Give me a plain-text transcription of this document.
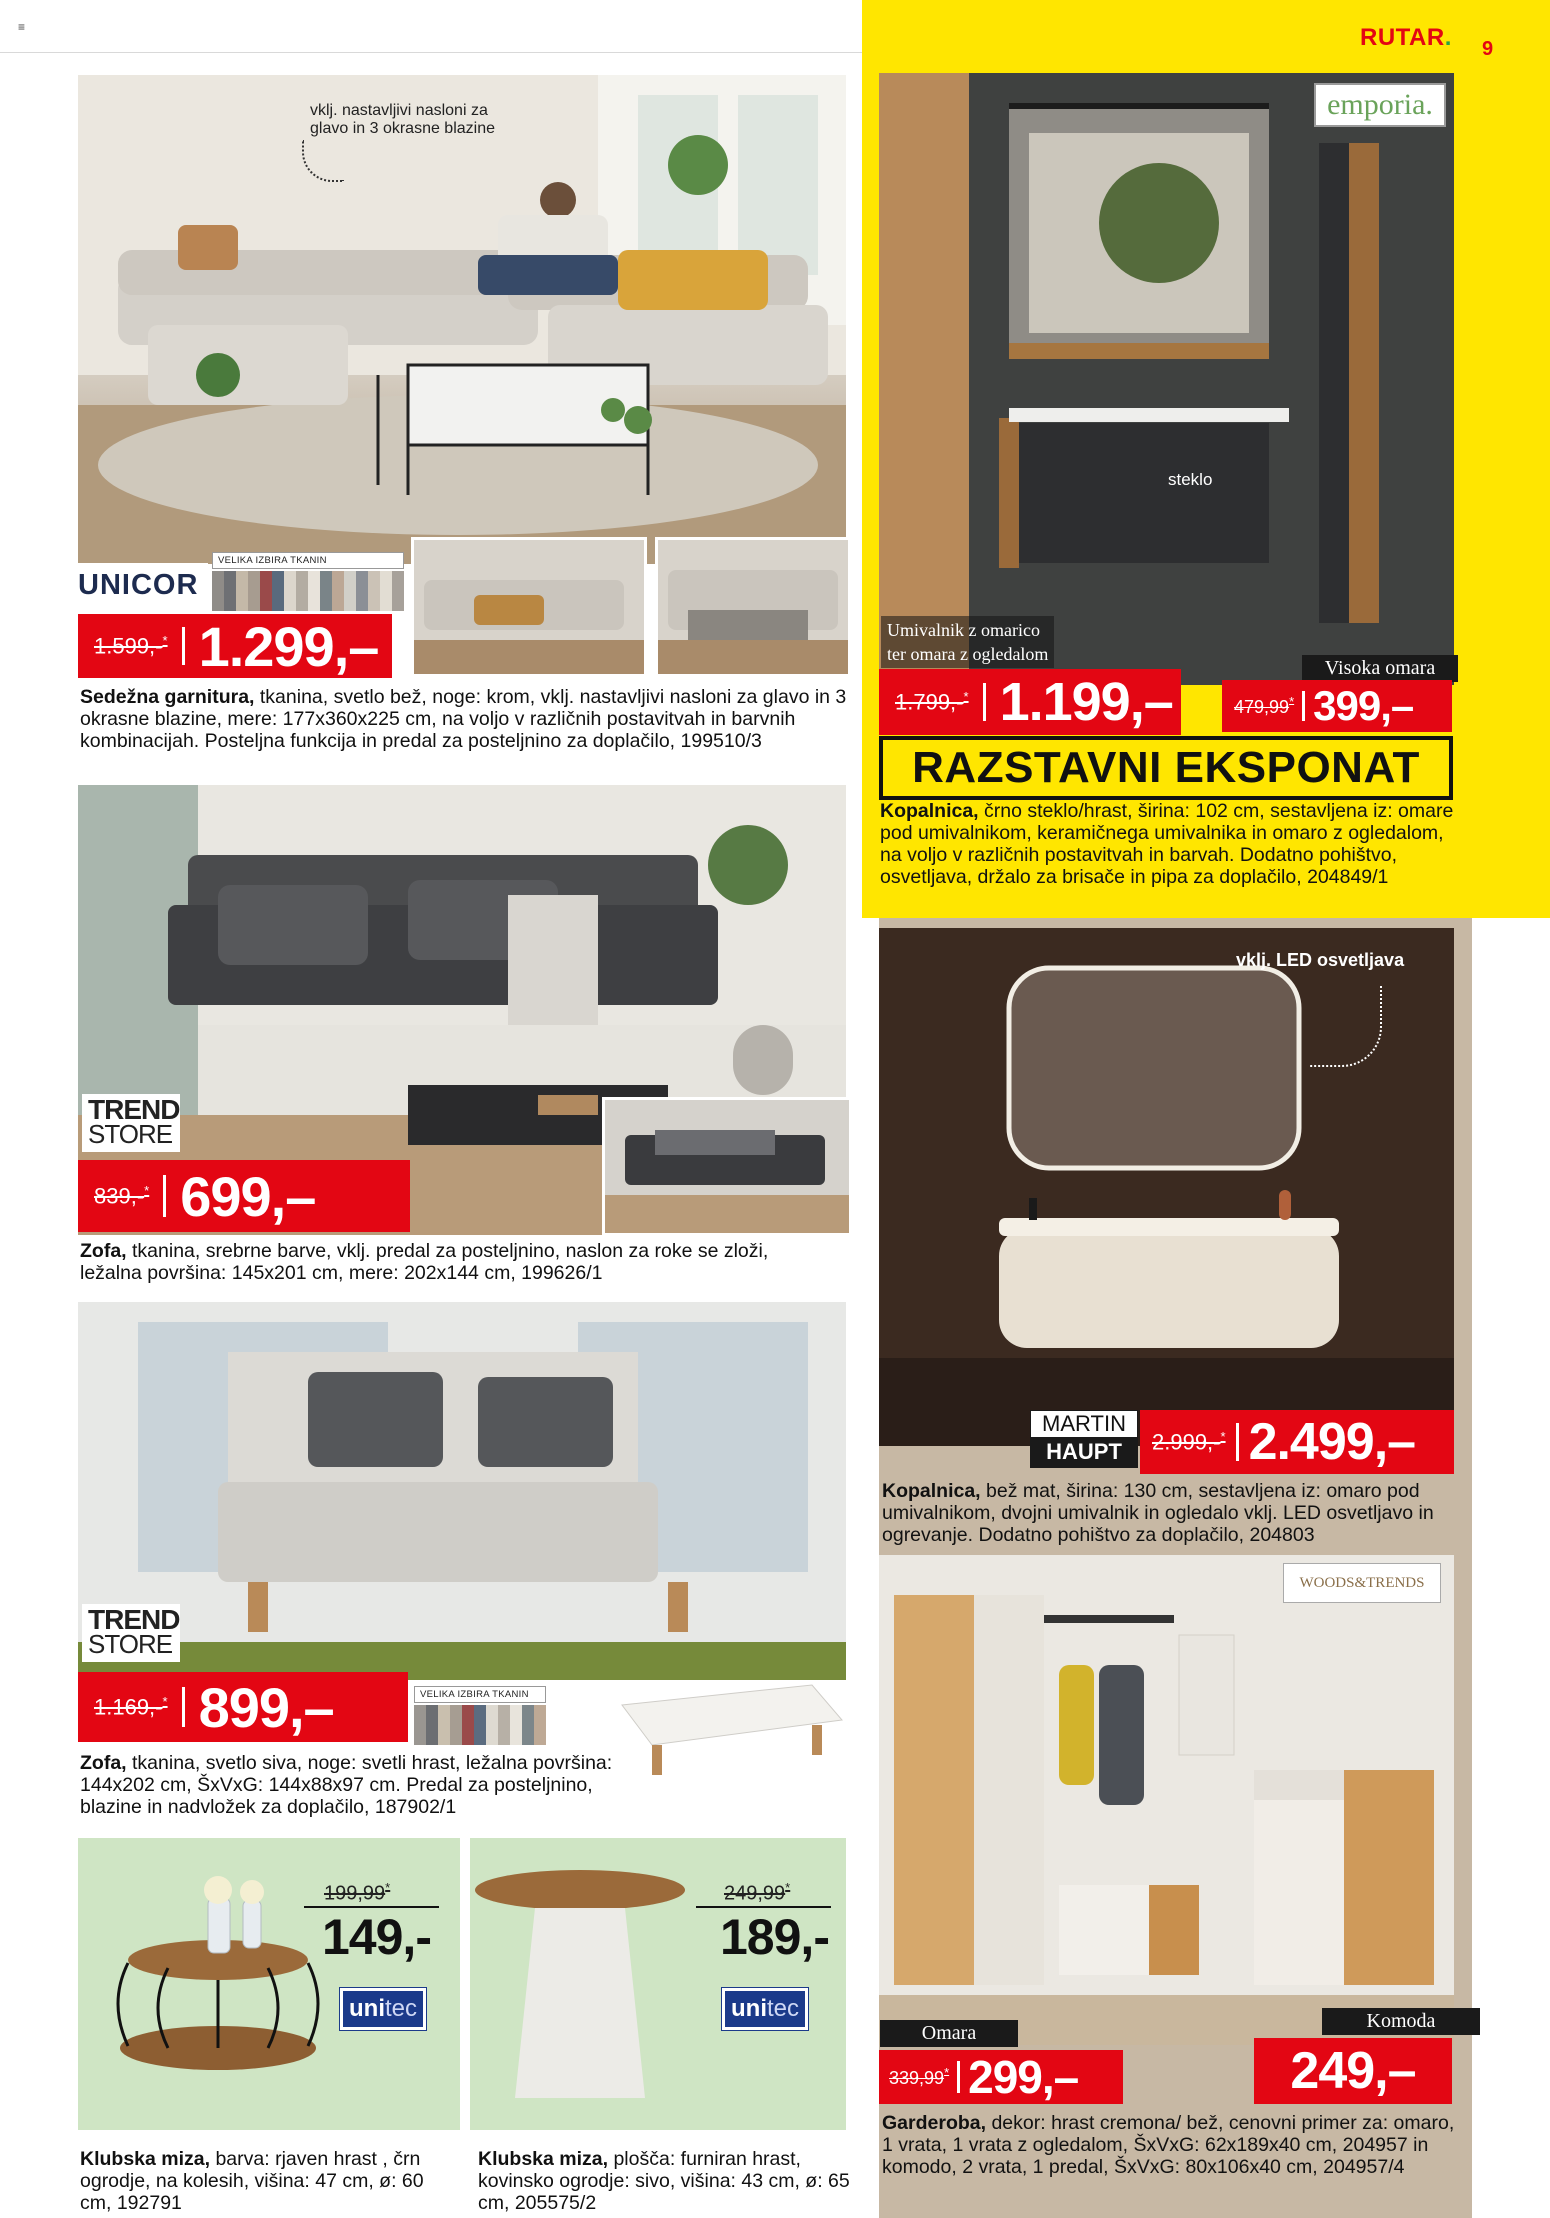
≡	RUTAR. 9
vklj. nastavljivi nasloni za glavo in 3 okrasne blazine
UNICOR
VELIKA IZBIRA TKANIN
1.599,-* 1.299,–
Sedežna garnitura, tkanina, svetlo bež, noge: krom, vklj. nastavljivi nasloni za glavo in 3 okrasne blazine, mere: 177x360x225 cm, na voljo v različnih postavitvah in barvnih kombinacijah. Posteljna funkcija in predal za posteljnino za doplačilo, 199510/3
TREND
STORE
839,-* 699,–
Zofa, tkanina, srebrne barve, vklj. predal za posteljnino, naslon za roke se zloži, ležalna površina: 145x201 cm, mere: 202x144 cm, 199626/1
TREND
STORE
VELIKA IZBIRA TKANIN
1.169,-* 899,–
Zofa, tkanina, svetlo siva, noge: svetli hrast, ležalna površina: 144x202 cm, ŠxVxG: 144x88x97 cm. Predal za posteljnino, blazine in nadvložek za doplačilo, 187902/1
199,99*
149,-
unitec
Klubska miza, barva: rjaven hrast , črn ogrodje, na kolesih, višina: 47 cm, ø: 60 cm, 192791
249,99*
189,-
unitec
Klubska miza, plošča: furniran hrast, kovinsko ogrodje: sivo, višina: 43 cm, ø: 65 cm, 205575/2
emporia.
steklo
Umivalnik z omarico
ter omara z ogledalom
1.799,-* 1.199,–
Visoka omara
479,99* 399,–
RAZSTAVNI EKSPONAT
Kopalnica, črno steklo/hrast, širina: 102 cm, sestavljena iz: omare pod umivalnikom, keramičnega umivalnika in omaro z ogledalom, na voljo v različnih postavitvah in barvah. Dodatno pohištvo, osvetljava, držalo za brisače in pipa za doplačilo, 204849/1
vklj. LED osvetljava
MARTIN
HAUPT	2.999,-* 2.499,–
Kopalnica, bež mat, širina: 130 cm, sestavljena iz: omaro pod umivalnikom, dvojni umivalnik in ogledalo vklj. LED osvetljavo in ogrevanje. Dodatno pohištvo za doplačilo, 204803
WOODS&TRENDS
Omara
339,99* 299,–
Komoda
249,–
Garderoba, dekor: hrast cremona/ bež, cenovni primer za: omaro, 1 vrata, 1 vrata z ogledalom, ŠxVxG: 62x189x40 cm, 204957 in komodo, 2 vrata, 1 predal, ŠxVxG: 80x106x40 cm, 204957/4
